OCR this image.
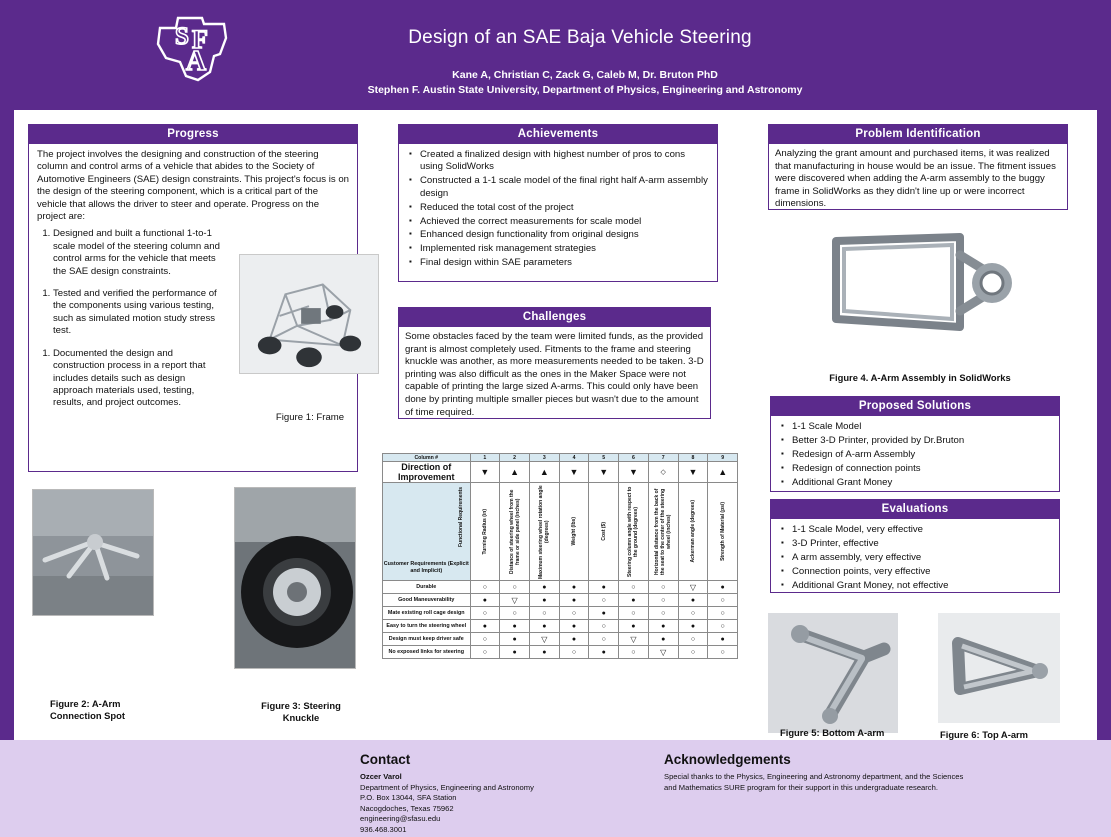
S F
A
Design of an SAE Baja Vehicle Steering
Kane A, Christian C, Zack G, Caleb M, Dr. Bruton PhD
Stephen F. Austin State University, Department of Physics, Engineering and Astronomy
Progress

The project involves the designing and construction of the steering column and control arms of a vehicle that abides to the Society of Automotive Engineers (SAE) design constraints. This project's focus is on the design of the steering component, which is a critical part of the vehicle that allows the driver to steer and operate. Progress on the project are:

1. Designed and built a functional 1-to-1 scale model of the steering column and control arms for the vehicle that meets the SAE design constraints.
1. Tested and verified the performance of the components using various testing, such as simulated motion study stress test.
1. Documented the design and construction process in a report that includes details such as design approach materials used, testing, results, and project outcomes.
Figure 1: Frame
Figure 2: A-Arm Connection Spot
Figure 3: Steering Knuckle
Achievements
▪ Created a finalized design with highest number of pros to cons using SolidWorks
▪ Constructed a 1-1 scale model of the final right half A-arm assembly design
▪ Reduced the total cost of the project
▪ Achieved the correct measurements for scale model
▪ Enhanced design functionality from original designs
▪ Implemented risk management strategies
▪ Final design within SAE parameters
Challenges
Some obstacles faced by the team were limited funds, as the provided grant is almost completely used. Fitments to the frame and steering knuckle was another, as more measurements needed to be taken. 3-D printing was also difficult as the ones in the Maker Space were not capable of printing the large sized A-arms. This could only have been done by printing multiple smaller pieces but wasn't due to the amount of time required.
	Column #	1	2	3	4	5	6	7	8	9
	Direction of Improvement	▼	▲	▲	▼	▼	▼	◇	▼	▲

	Functional Requirements
Customer Requirements (Explicit and Implicit)	Turning Radius (in)	Distance of steering wheel from the frame or side panel (inches)	Maximum steering wheel rotation angle (degrees)	Weight (lbs)	Cost ($)	Steering column angle with respect to the ground (degrees)	Horizontal distance from the back of the seat to the center of the steering wheel (inches)	Ackerman angle (degrees)	Strength of Material (psi)

	Durable	○	○	●	●	●	○	○	▽	●
	Good Maneuverability	●	▽	●	●	○	●	○	●	○
	Mate existing roll cage design	○	○	○	○	●	○	○	○	○
	Easy to turn the steering wheel	●	●	●	●	○	●	●	●	○
	Design must keep driver safe	○	●	▽	●	○	▽	●	○	●
	No exposed links for steering	○	●	●	○	●	○	▽	○	○
Problem Identification
Analyzing the grant amount and purchased items, it was realized that manufacturing in house would be an issue. The fitment issues were discovered when adding the A-arm assembly to the buggy frame in SolidWorks as they didn't line up or were incorrect dimensions.
Figure 4. A-Arm Assembly in SolidWorks
Proposed Solutions
▪ 1-1 Scale Model
▪ Better 3-D Printer, provided by Dr.Bruton
▪ Redesign of A-arm Assembly
▪ Redesign of connection points
▪ Additional Grant Money
Evaluations
▪ 1-1 Scale Model, very effective
▪ 3-D Printer, effective
▪ A arm assembly, very effective
▪ Connection points, very effective
▪ Additional Grant Money, not effective
Figure 5: Bottom A-arm	Figure 6: Top A-arm
Contact
Ozcer Varol
Department of Physics, Engineering and Astronomy
P.O. Box 13044, SFA Station
Nacogdoches, Texas 75962
engineering@sfasu.edu
936.468.3001
Acknowledgements
Special thanks to the Physics, Engineering and Astronomy department, and the Sciences and Mathematics SURE program for their support in this undergraduate research.
